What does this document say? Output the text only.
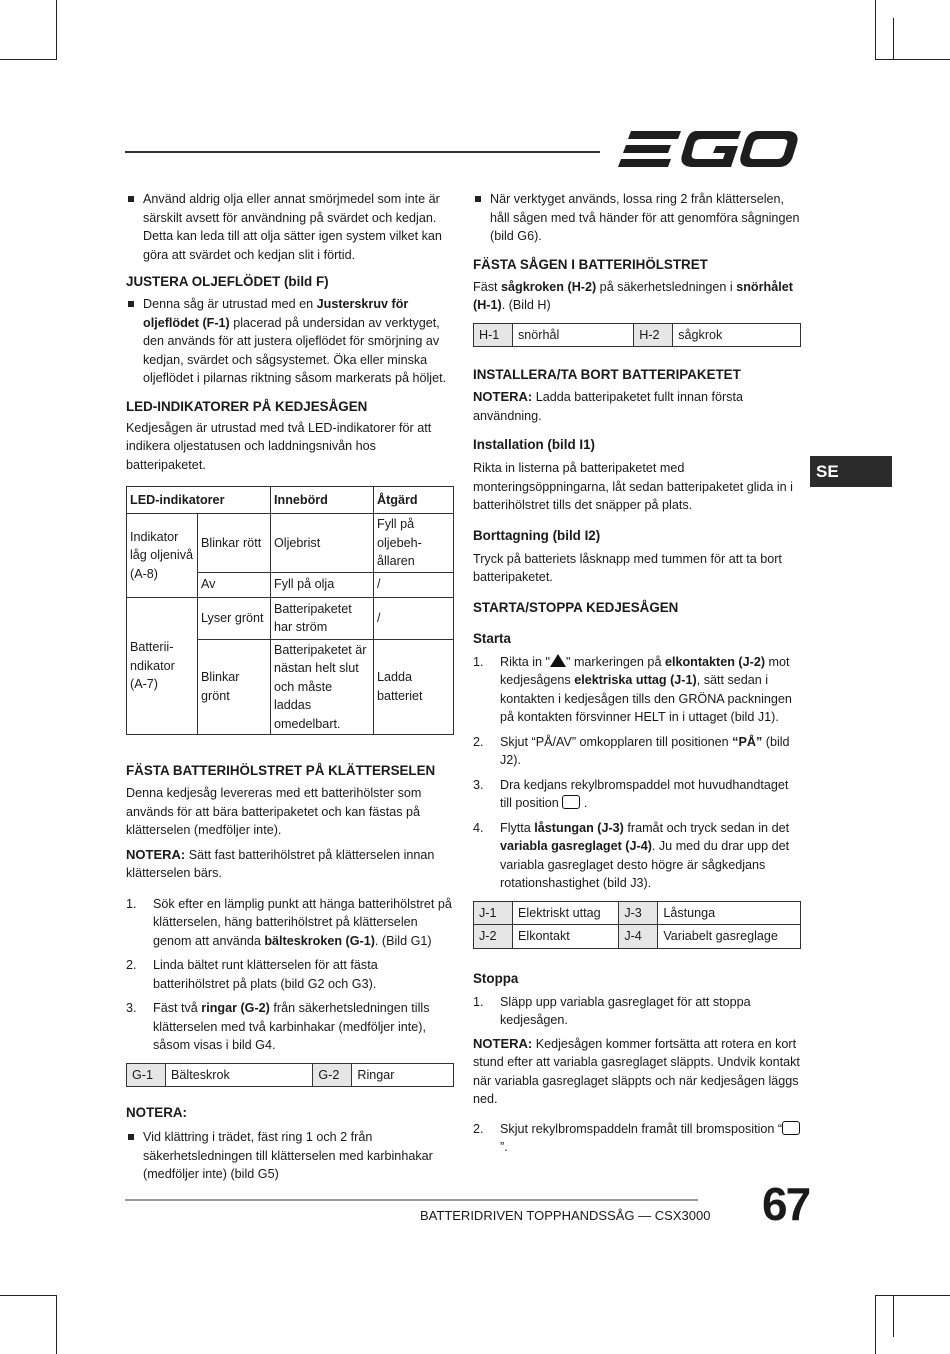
Använd aldrig olja eller annat smörjmedel som inte är särskilt avsett för användning på svärdet och kedjan. Detta kan leda till att olja sätter igen system vilket kan göra att svärdet och kedjan slit i förtid.

JUSTERA OLJEFLÖDET (bild F)

Denna såg är utrustad med en Justerskruv för oljeflödet (F-1) placerad på undersidan av verktyget, den används för att justera oljeflödet för smörjning av kedjan, svärdet och sågsystemet. Öka eller minska oljeflödet i pilarnas riktning såsom markerats på höljet.

LED-INDIKATORER PÅ KEDJESÅGEN

Kedjesågen är utrustad med två LED-indikatorer för att indikera oljestatusen och laddningsnivån hos batteripaketet.

LED-indikatorer		Innebörd	Åtgärd
Indikator låg oljenivå (A-8)	Blinkar rött	Oljebrist	Fyll på oljebeh-ållaren
	Av	Fyll på olja	/
Batterii-ndikator (A-7)	Lyser grönt	Batteripaketet har ström	/
	Blinkar grönt	Batteripaketet är nästan helt slut och måste laddas omedelbart.	Ladda batteriet
FÄSTA BATTERIHÖLSTRET PÅ KLÄTTERSELEN

Denna kedjesåg levereras med ett batterihölster som används för att bära batteripaketet och kan fästas på klätterselen (medföljer inte).

NOTERA: Sätt fast batterihölstret på klätterselen innan klätterselen bärs.

1. Sök efter en lämplig punkt att hänga batterihölstret på klätterselen, häng batterihölstret på klätterselen genom att använda bälteskroken (G-1). (Bild G1)

2. Linda bältet runt klätterselen för att fästa batterihölstret på plats (bild G2 och G3).

3. Fäst två ringar (G-2) från säkerhetsledningen tills klätterselen med två karbinhakar (medföljer inte), såsom visas i bild G4.

G-1	Bälteskrok	G-2	Ringar
NOTERA:

Vid klättring i trädet, fäst ring 1 och 2 från säkerhetsledningen till klätterselen med karbinhakar (medföljer inte) (bild G5)

När verktyget används, lossa ring 2 från klätterselen, håll sågen med två händer för att genomföra sågningen (bild G6).

FÄSTA SÅGEN I BATTERIHÖLSTRET

Fäst sågkroken (H-2) på säkerhetsledningen i snörhålet (H-1). (Bild H)

H-1	snörhål	H-2	sågkrok
INSTALLERA/TA BORT BATTERIPAKETET

NOTERA: Ladda batteripaketet fullt innan första användning.

Installation (bild I1)

Rikta in listerna på batteripaketet med monteringsöppningarna, låt sedan batteripaketet glida in i batterihölstret tills det snäpper på plats.

Borttagning (bild I2)

Tryck på batteriets låsknapp med tummen för att ta bort batteripaketet.

STARTA/STOPPA KEDJESÅGEN
Starta

1. Rikta in " " markeringen på elkontakten (J-2) mot kedjesågens elektriska uttag (J-1), sätt sedan i kontakten i kedjesågen tills den GRÖNA packningen på kontakten försvinner HELT in i uttaget (bild J1).

2. Skjut “PÅ/AV” omkopplaren till positionen “PÅ” (bild J2).

3. Dra kedjans rekylbromspaddel mot huvudhandtaget till position  .

4. Flytta låstungan (J-3) framåt och tryck sedan in det variabla gasreglaget (J-4). Ju med du drar upp det variabla gasreglaget desto högre är sågkedjans rotationshastighet (bild J3).

J-1	Elektriskt uttag	J-3	Låstunga
J-2	Elkontakt	J-4	Variabelt gasreglage
Stoppa

1. Släpp upp variabla gasreglaget för att stoppa kedjesågen.

NOTERA: Kedjesågen kommer fortsätta att rotera en kort stund efter att variabla gasreglaget släppts. Undvik kontakt när variabla gasreglaget släppts och när kedjesågen läggs ned.

2. Skjut rekylbromspaddeln framåt till bromsposition “”.

SE
BATTERIDRIVEN TOPPHANDSSÅG — CSX3000 67
